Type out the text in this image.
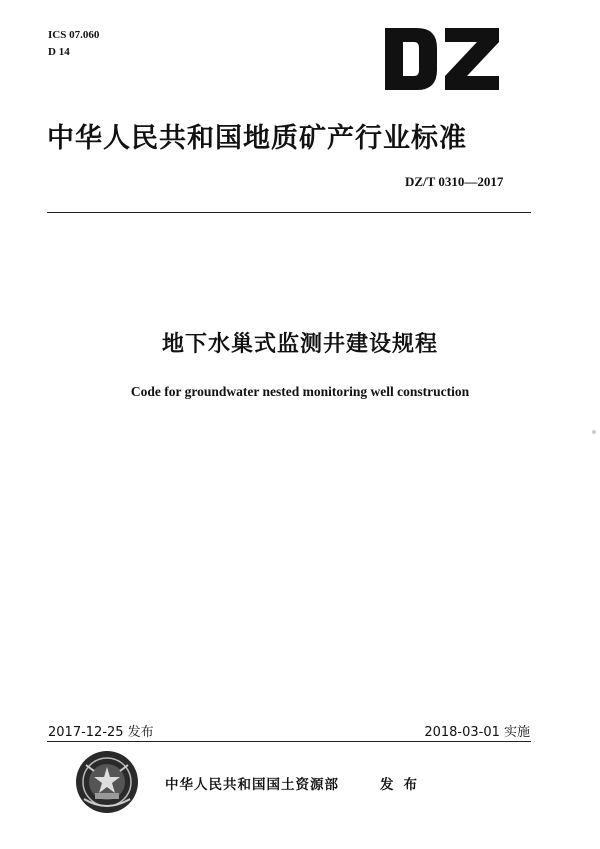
ICS 07.060
D 14
中华人民共和国地质矿产行业标准
DZ/T 0310—2017
地下水巢式监测井建设规程
Code for groundwater nested monitoring well construction
2017-12-25 发布	2018-03-01 实施
中华人民共和国国土资源部	发布
